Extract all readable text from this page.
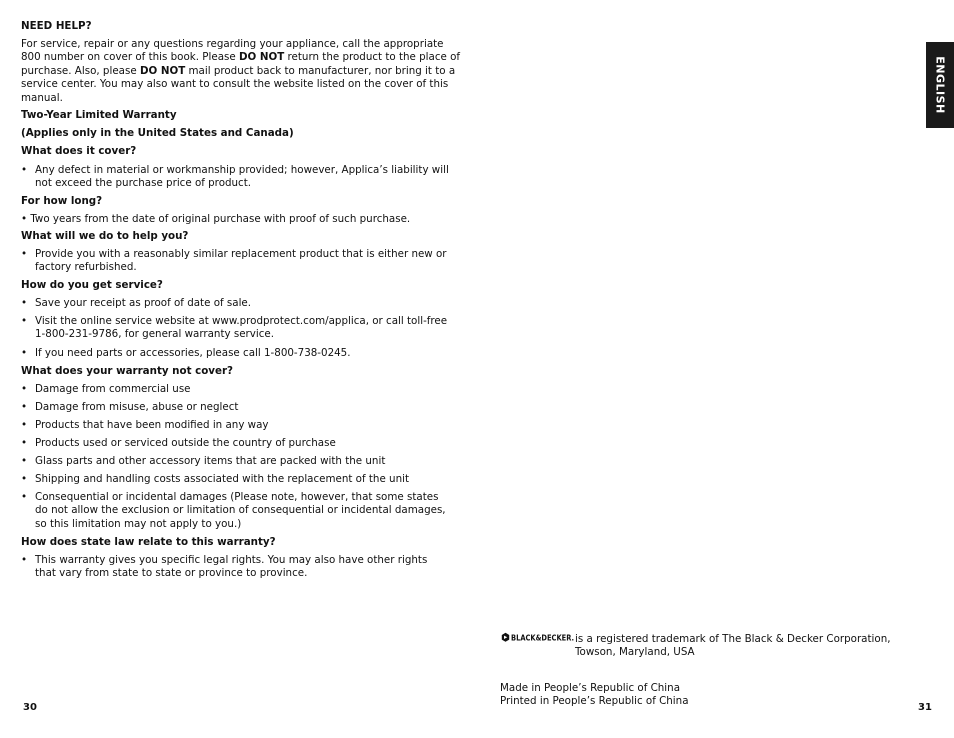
NEED HELP?
For service, repair or any questions regarding your appliance, call the appropriate 800 number on cover of this book. Please DO NOT return the product to the place of purchase. Also, please DO NOT mail product back to manufacturer, nor bring it to a service center. You may also want to consult the website listed on the cover of this manual.
Two-Year Limited Warranty
(Applies only in the United States and Canada)
What does it cover?
• Any defect in material or workmanship provided; however, Applica’s liability will not exceed the purchase price of product.
For how long?
• Two years from the date of original purchase with proof of such purchase.
What will we do to help you?
• Provide you with a reasonably similar replacement product that is either new or factory refurbished.
How do you get service?
• Save your receipt as proof of date of sale.
• Visit the online service website at www.prodprotect.com/applica, or call toll-free 1-800-231-9786, for general warranty service.
• If you need parts or accessories, please call 1-800-738-0245.
What does your warranty not cover?
• Damage from commercial use
• Damage from misuse, abuse or neglect
• Products that have been modified in any way
• Products used or serviced outside the country of purchase
• Glass parts and other accessory items that are packed with the unit
• Shipping and handling costs associated with the replacement of the unit
• Consequential or incidental damages (Please note, however, that some states do not allow the exclusion or limitation of consequential or incidental damages, so this limitation may not apply to you.)
How does state law relate to this warranty?
• This warranty gives you specific legal rights. You may also have other rights that vary from state to state or province to province.
30
ENGLISH
BLACK&DECKER. is a registered trademark of The Black & Decker Corporation, Towson, Maryland, USA
Made in People’s Republic of China
Printed in People’s Republic of China
31
